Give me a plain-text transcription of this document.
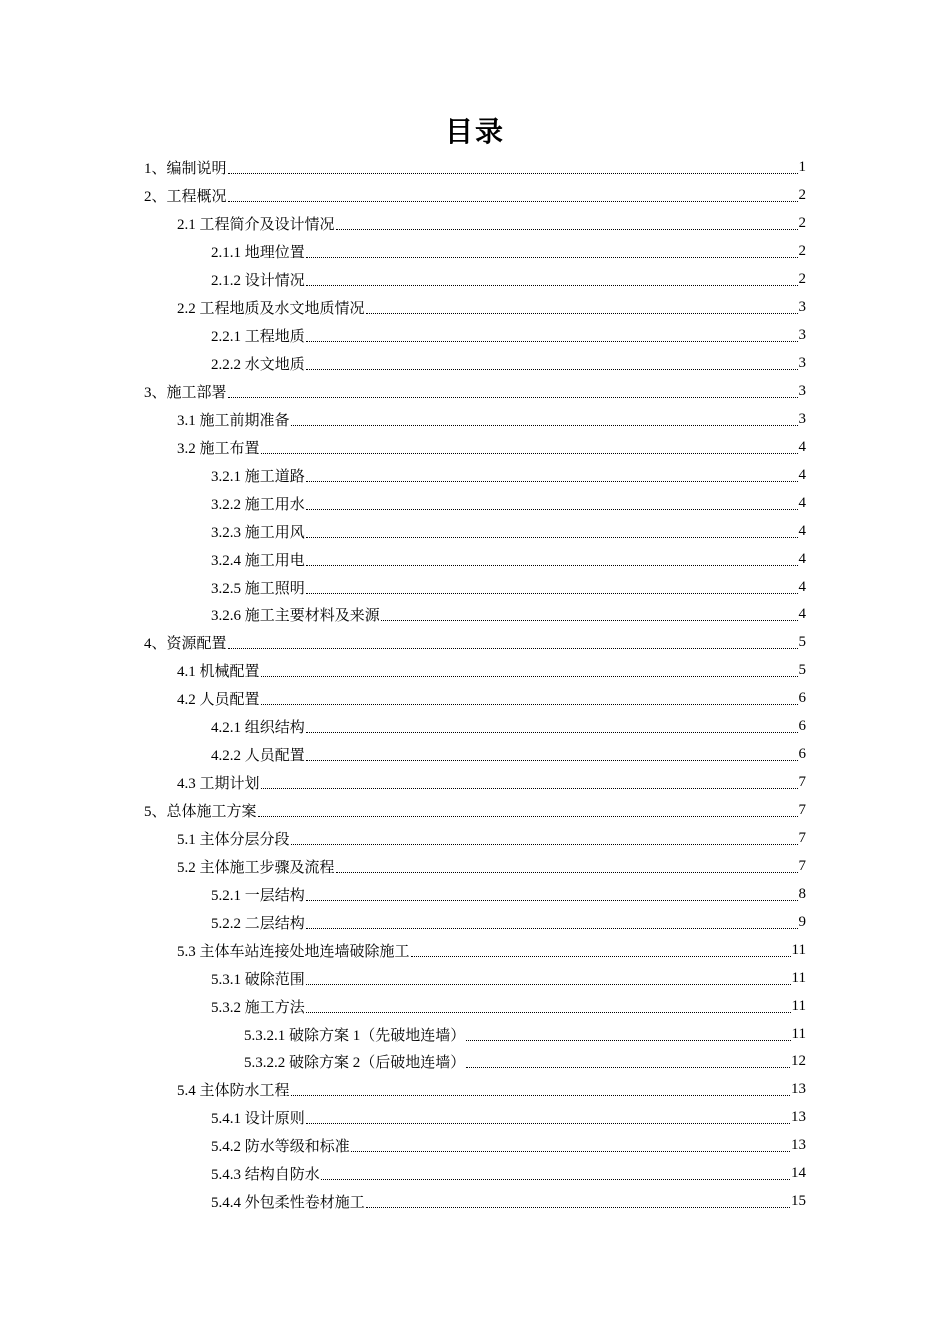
目录
1、编制说明	1
2、工程概况	2
2.1 工程简介及设计情况	2
2.1.1 地理位置	2
2.1.2 设计情况	2
2.2 工程地质及水文地质情况	3
2.2.1 工程地质	3
2.2.2 水文地质	3
3、施工部署	3
3.1 施工前期准备	3
3.2 施工布置	4
3.2.1 施工道路	4
3.2.2 施工用水	4
3.2.3 施工用风	4
3.2.4 施工用电	4
3.2.5 施工照明	4
3.2.6 施工主要材料及来源	4
4、资源配置	5
4.1 机械配置	5
4.2 人员配置	6
4.2.1 组织结构	6
4.2.2 人员配置	6
4.3 工期计划	7
5、总体施工方案	7
5.1 主体分层分段	7
5.2 主体施工步骤及流程	7
5.2.1 一层结构	8
5.2.2 二层结构	9
5.3 主体车站连接处地连墙破除施工	11
5.3.1 破除范围	11
5.3.2 施工方法	11
5.3.2.1 破除方案 1（先破地连墙）	11
5.3.2.2 破除方案 2（后破地连墙）	12
5.4 主体防水工程	13
5.4.1 设计原则	13
5.4.2 防水等级和标准	13
5.4.3 结构自防水	14
5.4.4 外包柔性卷材施工	15
